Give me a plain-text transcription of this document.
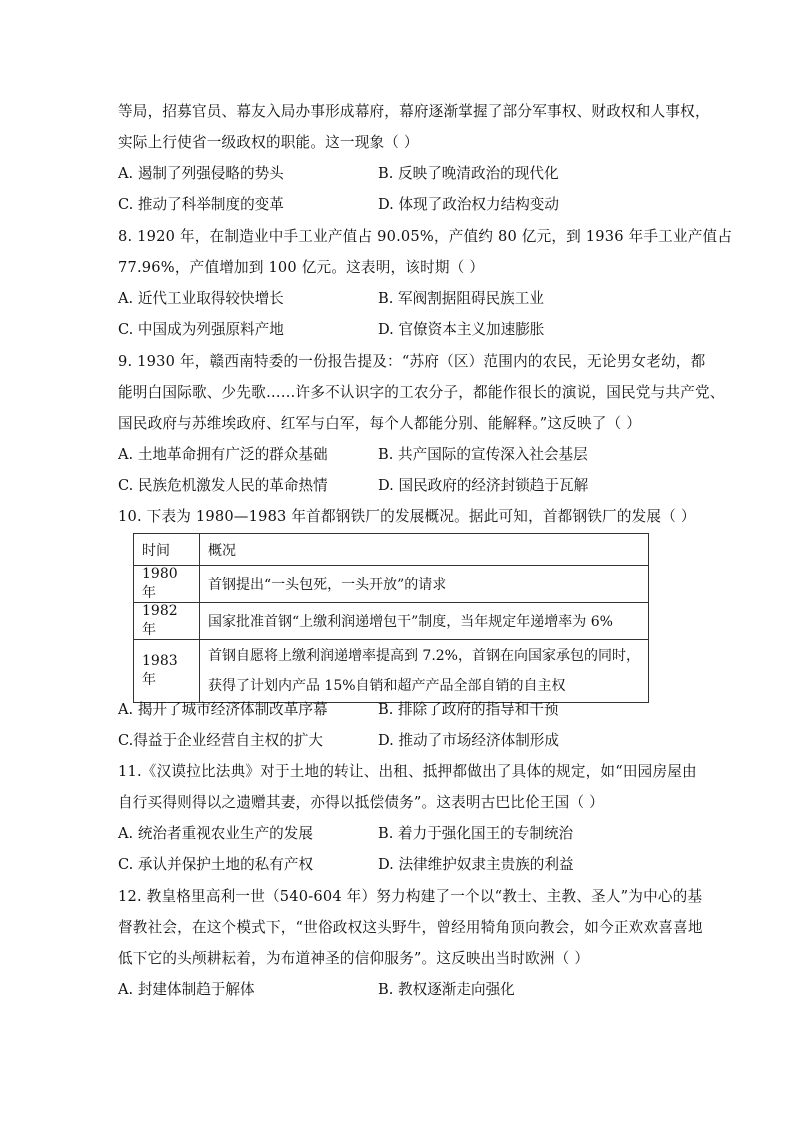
等局，招募官员、幕友入局办事形成幕府，幕府逐渐掌握了部分军事权、财政权和人事权，
实际上行使省一级政权的职能。这一现象（ ）
A. 遏制了列强侵略的势头	B. 反映了晚清政治的现代化
C. 推动了科举制度的变革	D. 体现了政治权力结构变动
8. 1920 年，在制造业中手工业产值占 90.05%，产值约 80 亿元，到 1936 年手工业产值占
77.96%，产值增加到 100 亿元。这表明，该时期（ ）
A. 近代工业取得较快增长	B. 军阀割据阻碍民族工业
C. 中国成为列强原料产地	D. 官僚资本主义加速膨胀
9. 1930 年，赣西南特委的一份报告提及：“苏府（区）范围内的农民，无论男女老幼，都
能明白国际歌、少先歌……许多不认识字的工农分子，都能作很长的演说，国民党与共产党、
国民政府与苏维埃政府、红军与白军，每个人都能分别、能解释。”这反映了（ ）
A. 土地革命拥有广泛的群众基础	B. 共产国际的宣传深入社会基层
C. 民族危机激发人民的革命热情	D. 国民政府的经济封锁趋于瓦解
10. 下表为 1980—1983 年首都钢铁厂的发展概况。据此可知，首都钢铁厂的发展（ ）
时间	概况
1980 年	首钢提出“一头包死，一头开放”的请求
1982 年	国家批准首钢“上缴利润递增包干”制度，当年规定年递增率为 6%
1983 年	首钢自愿将上缴利润递增率提高到 7.2%，首钢在向国家承包的同时，
获得了计划内产品 15%自销和超产产品全部自销的自主权
A. 揭开了城市经济体制改革序幕	B. 排除了政府的指导和干预
C.得益于企业经营自主权的扩大	D. 推动了市场经济体制形成
11.《汉谟拉比法典》对于土地的转让、出租、抵押都做出了具体的规定，如“田园房屋由
自行买得则得以之遗赠其妻，亦得以抵偿债务”。这表明古巴比伦王国（ ）
A. 统治者重视农业生产的发展	B. 着力于强化国王的专制统治
C. 承认并保护土地的私有产权	D. 法律维护奴隶主贵族的利益
12. 教皇格里高利一世（540-604 年）努力构建了一个以“教士、主教、圣人”为中心的基
督教社会，在这个模式下，“世俗政权这头野牛，曾经用犄角顶向教会，如今正欢欢喜喜地
低下它的头颅耕耘着，为布道神圣的信仰服务”。这反映出当时欧洲（ ）
A. 封建体制趋于解体	B. 教权逐渐走向强化
